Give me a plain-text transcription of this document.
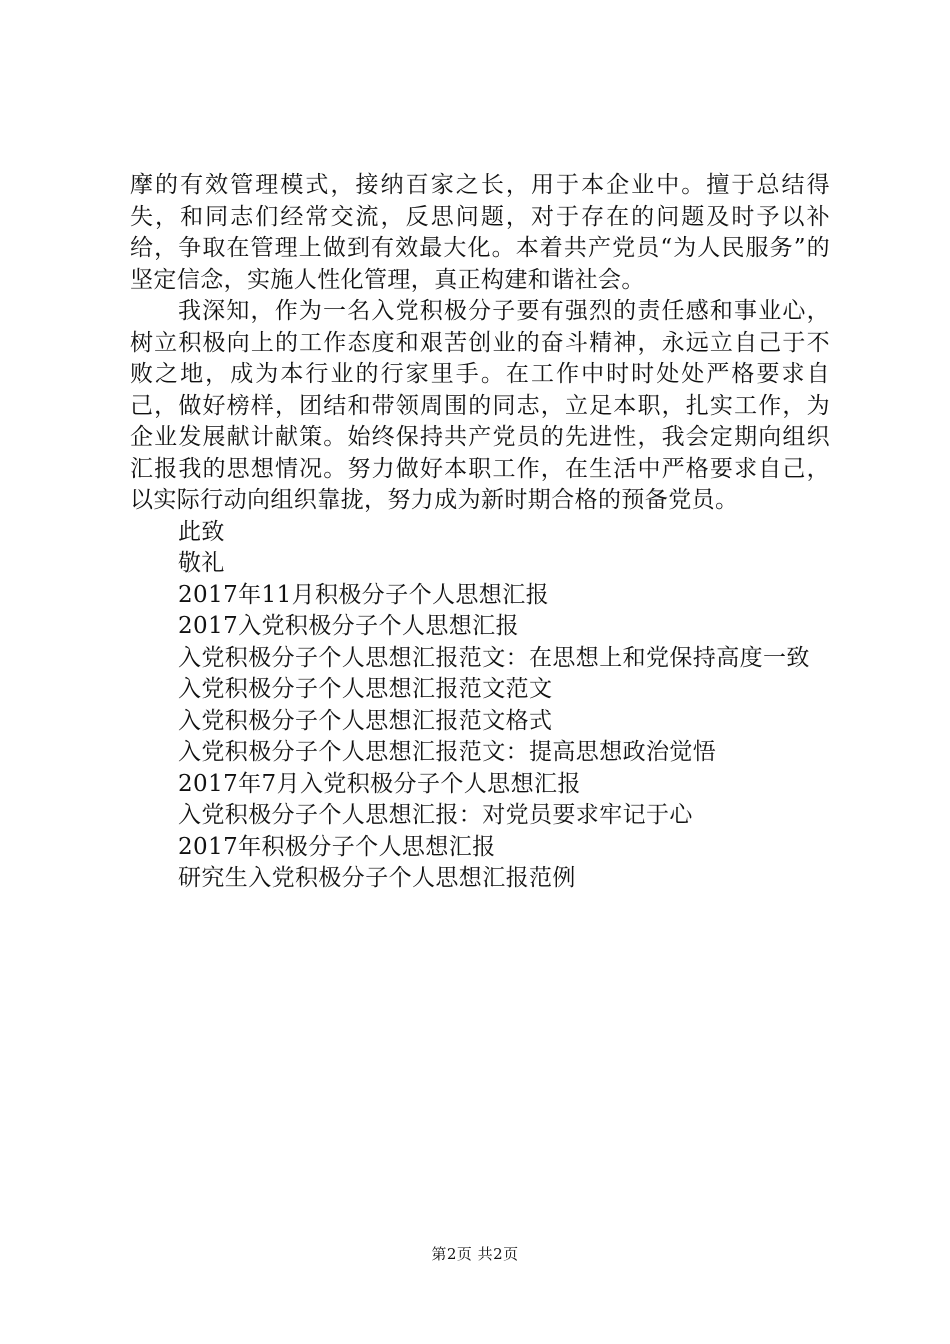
摩的有效管理模式，接纳百家之长，用于本企业中。擅于总结得失，和同志们经常交流，反思问题，对于存在的问题及时予以补给，争取在管理上做到有效最大化。本着共产党员“为人民服务”的坚定信念，实施人性化管理，真正构建和谐社会。

我深知，作为一名入党积极分子要有强烈的责任感和事业心，树立积极向上的工作态度和艰苦创业的奋斗精神，永远立自己于不败之地，成为本行业的行家里手。在工作中时时处处严格要求自己，做好榜样，团结和带领周围的同志，立足本职，扎实工作，为企业发展献计献策。始终保持共产党员的先进性，我会定期向组织汇报我的思想情况。努力做好本职工作，在生活中严格要求自己，以实际行动向组织靠拢，努力成为新时期合格的预备党员。

此致

敬礼

2017年11月积极分子个人思想汇报

2017入党积极分子个人思想汇报

入党积极分子个人思想汇报范文：在思想上和党保持高度一致

入党积极分子个人思想汇报范文范文

入党积极分子个人思想汇报范文格式

入党积极分子个人思想汇报范文：提高思想政治觉悟

2017年7月入党积极分子个人思想汇报

入党积极分子个人思想汇报：对党员要求牢记于心

2017年积极分子个人思想汇报

研究生入党积极分子个人思想汇报范例

第2页 共2页
